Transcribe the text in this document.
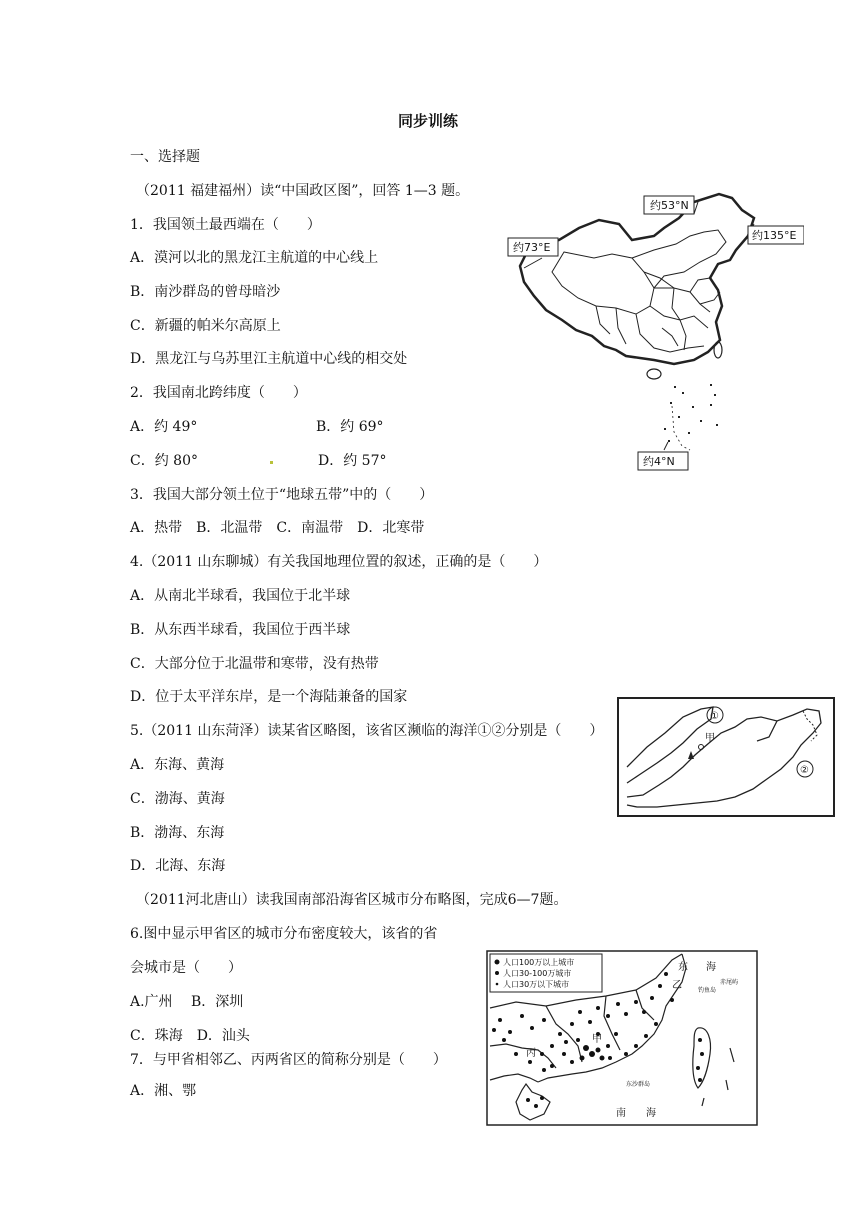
同步训练
一、选择题
（2011 福建福州）读“中国政区图”，回答 1—3 题。
1．我国领土最西端在（　　）
A．漠河以北的黑龙江主航道的中心线上
B．南沙群岛的曾母暗沙
C．新疆的帕米尔高原上
D．黑龙江与乌苏里江主航道中心线的相交处
2．我国南北跨纬度（　　）
A．约 49°	B．约 69°
C．约 80°	D．约 57°
3．我国大部分领土位于“地球五带”中的（　　）
A．热带　B．北温带　C．南温带　D．北寒带
4.（2011 山东聊城）有关我国地理位置的叙述，正确的是（　　）
A．从南北半球看，我国位于北半球
B．从东西半球看，我国位于西半球
C．大部分位于北温带和寒带，没有热带
D．位于太平洋东岸，是一个海陆兼备的国家
5.（2011 山东菏泽）读某省区略图，该省区濒临的海洋①②分别是（　　）
A．东海、黄海
C．渤海、黄海
B．渤海、东海
D．北海、东海
（2011河北唐山）读我国南部沿海省区城市分布略图，完成6—7题。
6.图中显示甲省区的城市分布密度较大，该省的省
会城市是（　　）
A.广州　 B．深圳
C．珠海　D．汕头
7．与甲省相邻乙、丙两省区的简称分别是（　　）
A．湘、鄂
约53°N
约135°E
约73°E
约4°N
①
②
甲
人口100万以上城市
人口30-100万城市
人口30万以下城市
甲
乙
丙
东 海
南 海
钓鱼岛
赤尾屿
东沙群岛
